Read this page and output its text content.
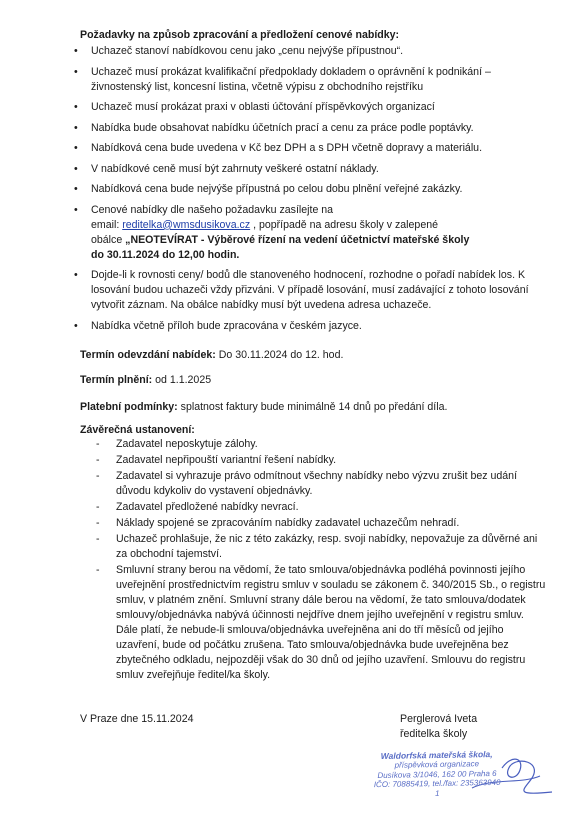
Požadavky na způsob zpracování a předložení cenové nabídky:
• Uchazeč stanoví nabídkovou cenu jako „cenu nejvýše přípustnou“.
• Uchazeč musí prokázat kvalifikační předpoklady dokladem o oprávnění k podnikání – živnostenský list, koncesní listina, včetně výpisu z obchodního rejstříku
• Uchazeč musí prokázat praxi v oblasti účtování příspěvkových organizací
• Nabídka bude obsahovat nabídku účetních prací a cenu za práce podle poptávky.
• Nabídková cena bude uvedena v Kč bez DPH a s DPH včetně dopravy a materiálu.
• V nabídkové ceně musí být zahrnuty veškeré ostatní náklady.
• Nabídková cena bude nejvýše přípustná po celou dobu plnění veřejné zakázky.
• Cenové nabídky dle našeho požadavku zasílejte na
email: reditelka@wmsdusikova.cz , popřípadě na adresu školy v zalepené
obálce „NEOTEVÍRAT - Výběrové řízení na vedení účetnictví mateřské školy
do 30.11.2024 do 12,00 hodin.
• Dojde-li k rovnosti ceny/ bodů dle stanoveného hodnocení, rozhodne o pořadí nabídek los. K losování budou uchazeči vždy přizváni. V případě losování, musí zadávající z tohoto losování vytvořit záznam. Na obálce nabídky musí být uvedena adresa uchazeče.
• Nabídka včetně příloh bude zpracována v českém jazyce.
Termín odevzdání nabídek: Do 30.11.2024 do 12. hod.
Termín plnění: od 1.1.2025
Platební podmínky: splatnost faktury bude minimálně 14 dnů po předání díla.
Závěrečná ustanovení:
- Zadavatel neposkytuje zálohy.
- Zadavatel nepřipouští variantní řešení nabídky.
- Zadavatel si vyhrazuje právo odmítnout všechny nabídky nebo výzvu zrušit bez udání důvodu kdykoliv do vystavení objednávky.
- Zadavatel předložené nabídky nevrací.
- Náklady spojené se zpracováním nabídky zadavatel uchazečům nehradí.
- Uchazeč prohlašuje, že nic z této zakázky, resp. svoji nabídky, nepovažuje za důvěrné ani za obchodní tajemství.
- Smluvní strany berou na vědomí, že tato smlouva/objednávka podléhá povinnosti jejího uveřejnění prostřednictvím registru smluv v souladu se zákonem č. 340/2015 Sb., o registru smluv, v platném znění. Smluvní strany dále berou na vědomí, že tato smlouva/dodatek smlouvy/objednávka nabývá účinnosti nejdříve dnem jejího uveřejnění v registru smluv. Dále platí, že nebude-li smlouva/objednávka uveřejněna ani do tří měsíců od jejího uzavření, bude od počátku zrušena. Tato smlouva/objednávka bude uveřejněna bez zbytečného odkladu, nejpozději však do 30 dnů od jejího uzavření. Smlouvu do registru smluv zveřejňuje ředitel/ka školy.
V Praze dne 15.11.2024	Perglerová Iveta
ředitelka školy
Waldorfská mateřská škola,
příspěvková organizace
Dusíkova 3/1046, 162 00 Praha 6
IČO: 70885419, tel./fax: 235363940
1
